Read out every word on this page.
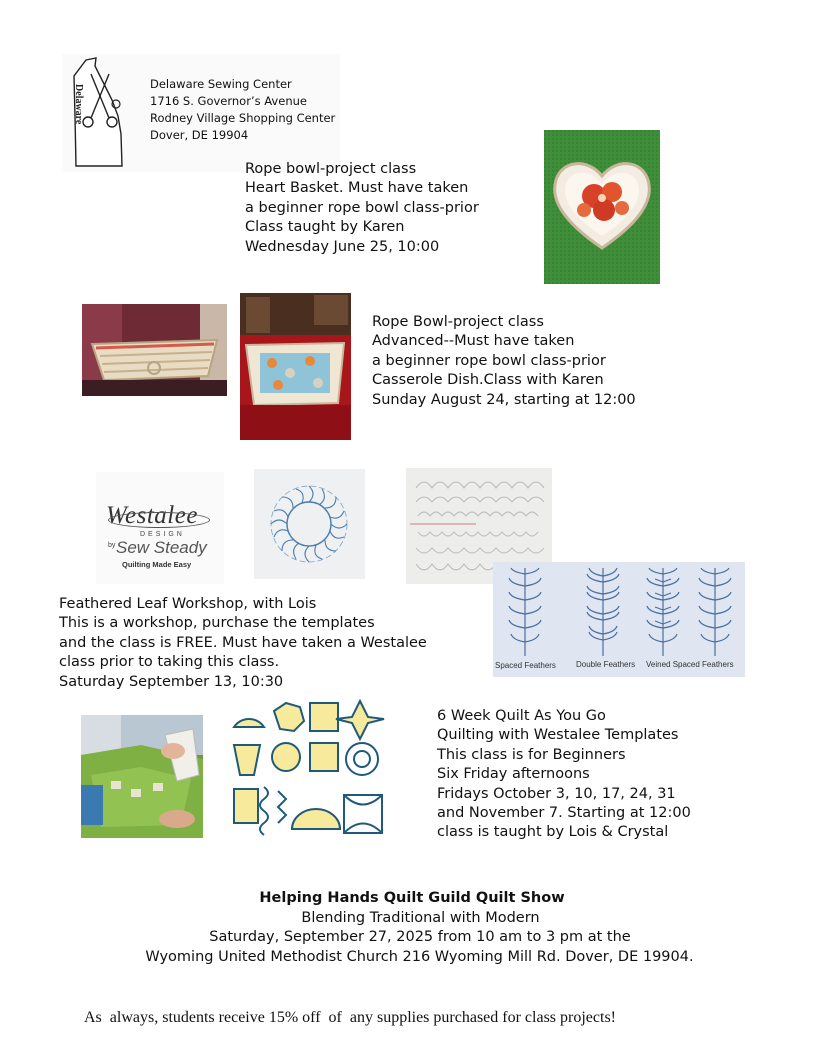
Delaware	Delaware Sewing Center
1716 S. Governor’s Avenue
Rodney Village Shopping Center
Dover, DE 19904
Rope bowl-project class
Heart Basket. Must have taken
a beginner rope bowl class-prior
Class taught by Karen
Wednesday June 25, 10:00
Rope Bowl-project class
Advanced--Must have taken
a beginner rope bowl class-prior
Casserole Dish.Class with Karen
Sunday August 24, starting at 12:00
Westalee
DESIGN
by Sew Steady
Quilting Made Easy
Spaced Feathers	Double Feathers Veined Spaced Feathers
Feathered Leaf Workshop, with Lois
This is a workshop, purchase the templates
and the class is FREE. Must have taken a Westalee
class prior to taking this class.
Saturday September 13, 10:30
6 Week Quilt As You Go
Quilting with Westalee Templates
This class is for Beginners
Six Friday afternoons
Fridays October 3, 10, 17, 24, 31
and November 7. Starting at 12:00
class is taught by Lois & Crystal
Helping Hands Quilt Guild Quilt Show
Blending Traditional with Modern
Saturday, September 27, 2025 from 10 am to 3 pm at the
Wyoming United Methodist Church 216 Wyoming Mill Rd. Dover, DE 19904.
As  always, students receive 15% off  of  any supplies purchased for class projects!
